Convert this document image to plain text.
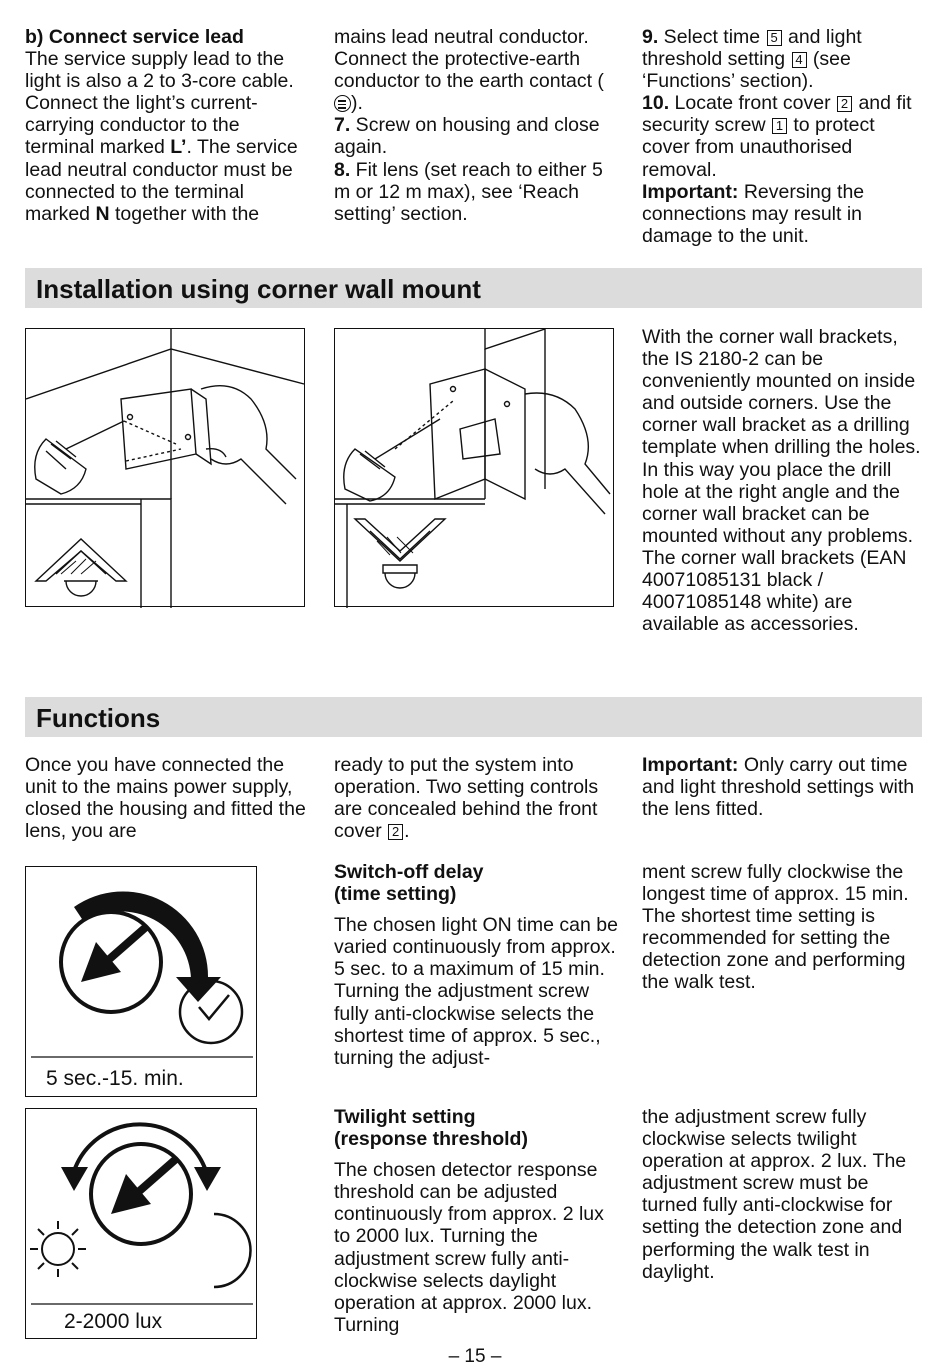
b) Connect service lead
The service supply lead to the light is also a 2 to 3-core cable. Connect the light’s current-carrying conductor to the terminal marked L’. The service lead neutral conductor must be connected to the terminal marked N together with the

mains lead neutral conductor. Connect the protective-earth conductor to the earth contact (
).

7. Screw on housing and close again.

8. Fit lens (set reach to either 5 m or 12 m max), see ‘Reach setting’ section.

9. Select time 5 and light threshold setting 4 (see ‘Functions’ section).

10. Locate front cover 2 and fit security screw 1 to protect cover from unauthorised removal.

Important: Reversing the connections may result in damage to the unit.

Installation using corner wall mount

With the corner wall brackets, the IS 2180-2 can be conveniently mounted on inside and outside corners. Use the corner wall bracket as a drilling template when drilling the holes. In this way you place the drill hole at the right angle and the corner wall bracket can be mounted without any problems. The corner wall brackets (EAN 40071085131 black / 40071085148 white) are available as accessories.

Functions

Once you have connected the unit to the mains power supply, closed the housing and fitted the lens, you are

ready to put the system into operation. Two setting controls are concealed behind the front cover 2 .

Important: Only carry out time and light threshold settings with the lens fitted.

5 sec.-15. min.

Switch-off delay
(time setting)

The chosen light ON time can be varied continuously from approx. 5 sec. to a maximum of 15 min. Turning the adjustment screw fully anti-clockwise selects the shortest time of approx. 5 sec., turning the adjust-

ment screw fully clockwise the longest time of approx. 15 min. The shortest time setting is recommended for setting the detection zone and performing the walk test.

2-2000 lux

Twilight setting
(response threshold)

The chosen detector response threshold can be adjusted continuously from approx. 2 lux to 2000 lux. Turning the adjustment screw fully anti-clockwise selects daylight operation at approx. 2000 lux. Turning

the adjustment screw fully clockwise selects twilight operation at approx. 2 lux. The adjustment screw must be turned fully anti-clockwise for setting the detection zone and performing the walk test in daylight.

– 15 –
